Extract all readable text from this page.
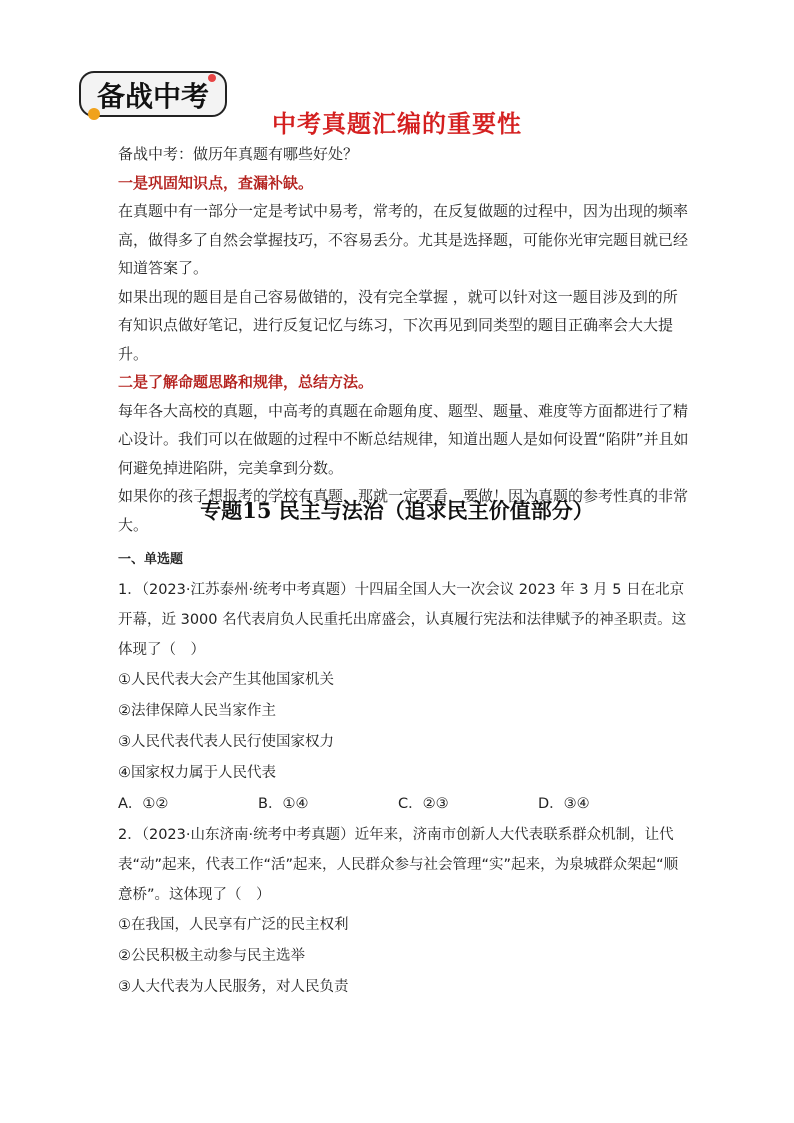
备战中考
中考真题汇编的重要性

备战中考：做历年真题有哪些好处？

一是巩固知识点，查漏补缺。

在真题中有一部分一定是考试中易考，常考的，在反复做题的过程中，因为出现的频率高，做得多了自然会掌握技巧，不容易丢分。尤其是选择题，可能你光审完题目就已经知道答案了。

如果出现的题目是自己容易做错的，没有完全掌握 ，就可以针对这一题目涉及到的所有知识点做好笔记，进行反复记忆与练习，下次再见到同类型的题目正确率会大大提升。

二是了解命题思路和规律，总结方法。

每年各大高校的真题，中高考的真题在命题角度、题型、题量、难度等方面都进行了精心设计。我们可以在做题的过程中不断总结规律，知道出题人是如何设置“陷阱”并且如何避免掉进陷阱，完美拿到分数。

如果你的孩子想报考的学校有真题，那就一定要看，要做！因为真题的参考性真的非常大。

专题15 民主与法治（追求民主价值部分）

一、单选题

1．（2023·江苏泰州·统考中考真题）十四届全国人大一次会议 2023 年 3 月 5 日在北京开幕，近 3000 名代表肩负人民重托出席盛会，认真履行宪法和法律赋予的神圣职责。这体现了（　）

①人民代表大会产生其他国家机关

②法律保障人民当家作主

③人民代表代表人民行使国家权力

④国家权力属于人民代表

A．①②	B．①④	C．②③	D．③④

2．（2023·山东济南·统考中考真题）近年来，济南市创新人大代表联系群众机制，让代表“动”起来，代表工作“活”起来，人民群众参与社会管理“实”起来，为泉城群众架起“顺意桥”。这体现了（　）

①在我国，人民享有广泛的民主权利

②公民积极主动参与民主选举

③人大代表为人民服务，对人民负责
